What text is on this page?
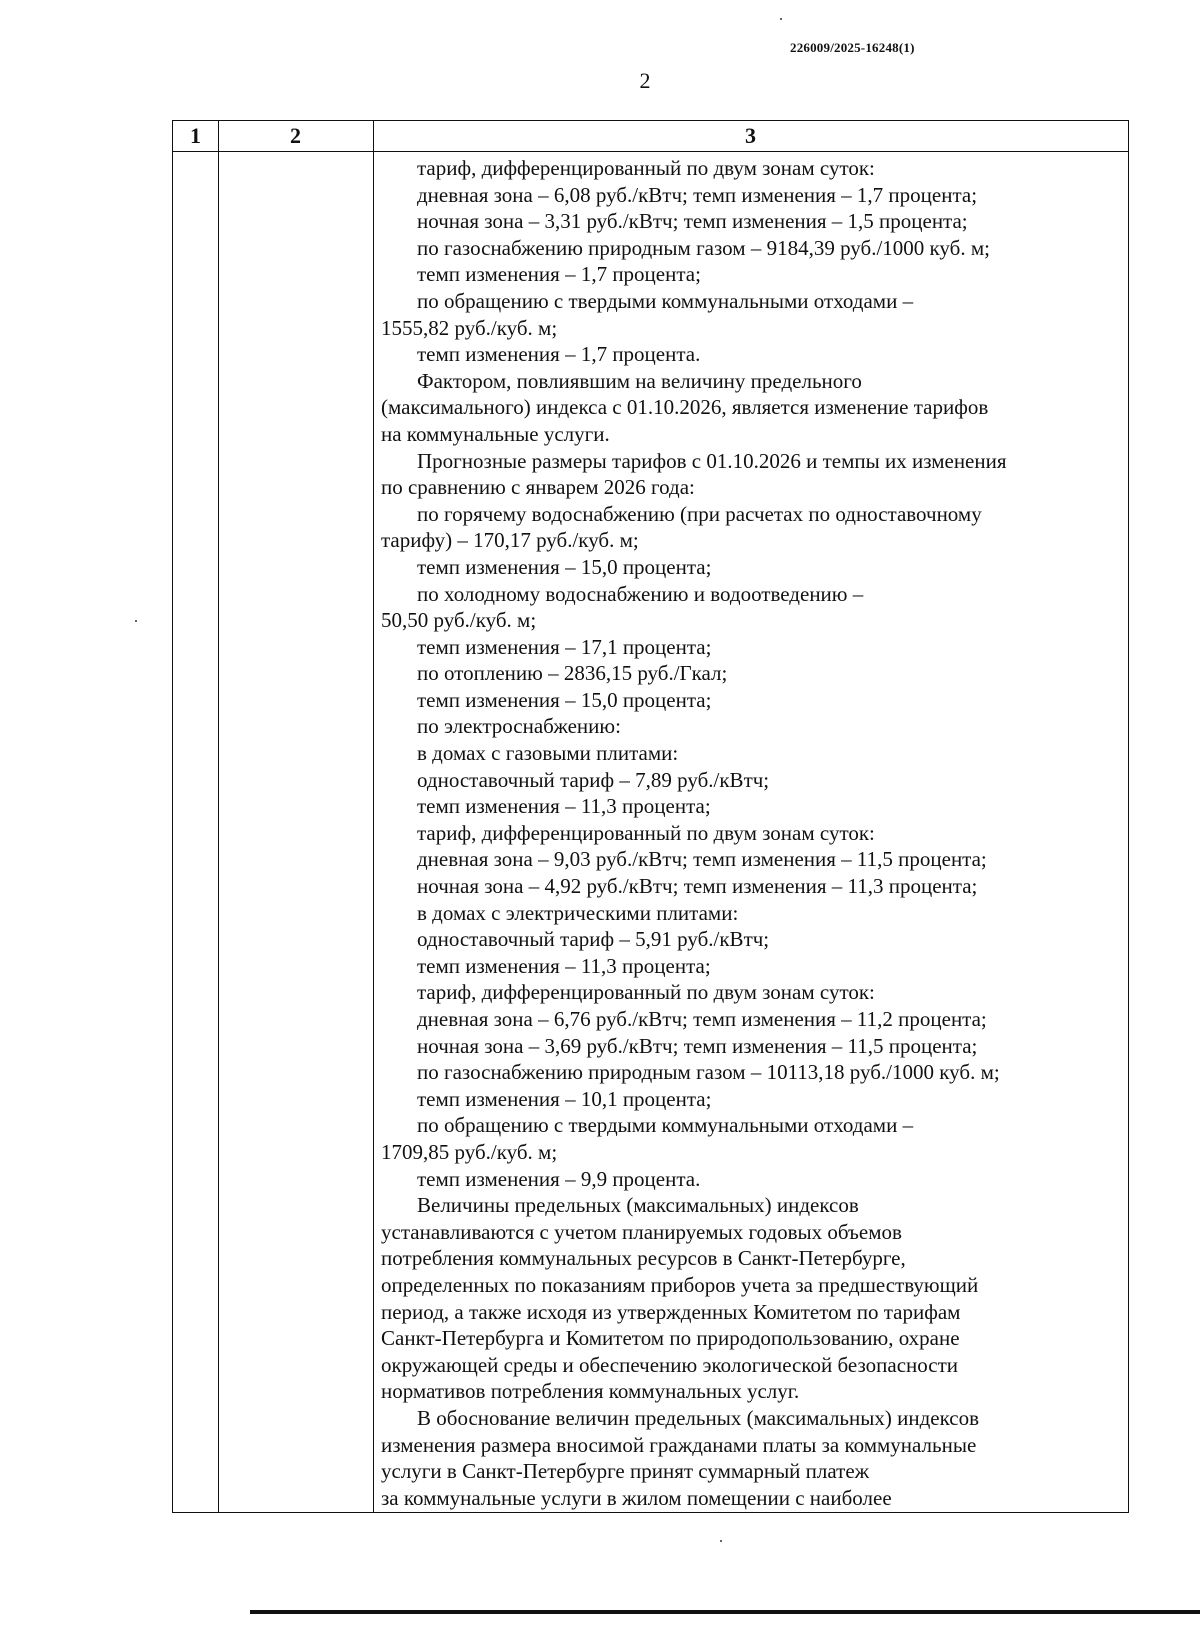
226009/2025-16248(1)
2
1	2	3
тариф, дифференцированный по двум зонам суток:
дневная зона – 6,08 руб./кВтч; темп изменения – 1,7 процента;
ночная зона – 3,31 руб./кВтч; темп изменения – 1,5 процента;
по газоснабжению природным газом – 9184,39 руб./1000 куб. м;
темп изменения – 1,7 процента;
по обращению с твердыми коммунальными отходами –
1555,82 руб./куб. м;
темп изменения – 1,7 процента.
Фактором, повлиявшим на величину предельного
(максимального) индекса с 01.10.2026, является изменение тарифов
на коммунальные услуги.
Прогнозные размеры тарифов с 01.10.2026 и темпы их изменения
по сравнению с январем 2026 года:
по горячему водоснабжению (при расчетах по одноставочному
тарифу) – 170,17 руб./куб. м;
темп изменения – 15,0 процента;
по холодному водоснабжению и водоотведению –
50,50 руб./куб. м;
темп изменения – 17,1 процента;
по отоплению – 2836,15 руб./Гкал;
темп изменения – 15,0 процента;
по электроснабжению:
в домах с газовыми плитами:
одноставочный тариф – 7,89 руб./кВтч;
темп изменения – 11,3 процента;
тариф, дифференцированный по двум зонам суток:
дневная зона – 9,03 руб./кВтч; темп изменения – 11,5 процента;
ночная зона – 4,92 руб./кВтч; темп изменения – 11,3 процента;
в домах с электрическими плитами:
одноставочный тариф – 5,91 руб./кВтч;
темп изменения – 11,3 процента;
тариф, дифференцированный по двум зонам суток:
дневная зона – 6,76 руб./кВтч; темп изменения – 11,2 процента;
ночная зона – 3,69 руб./кВтч; темп изменения – 11,5 процента;
по газоснабжению природным газом – 10113,18 руб./1000 куб. м;
темп изменения – 10,1 процента;
по обращению с твердыми коммунальными отходами –
1709,85 руб./куб. м;
темп изменения – 9,9 процента.
Величины предельных (максимальных) индексов
устанавливаются с учетом планируемых годовых объемов
потребления коммунальных ресурсов в Санкт-Петербурге,
определенных по показаниям приборов учета за предшествующий
период, а также исходя из утвержденных Комитетом по тарифам
Санкт-Петербурга и Комитетом по природопользованию, охране
окружающей среды и обеспечению экологической безопасности
нормативов потребления коммунальных услуг.
В обоснование величин предельных (максимальных) индексов
изменения размера вносимой гражданами платы за коммунальные
услуги в Санкт-Петербурге принят суммарный платеж
за коммунальные услуги в жилом помещении с наиболее
